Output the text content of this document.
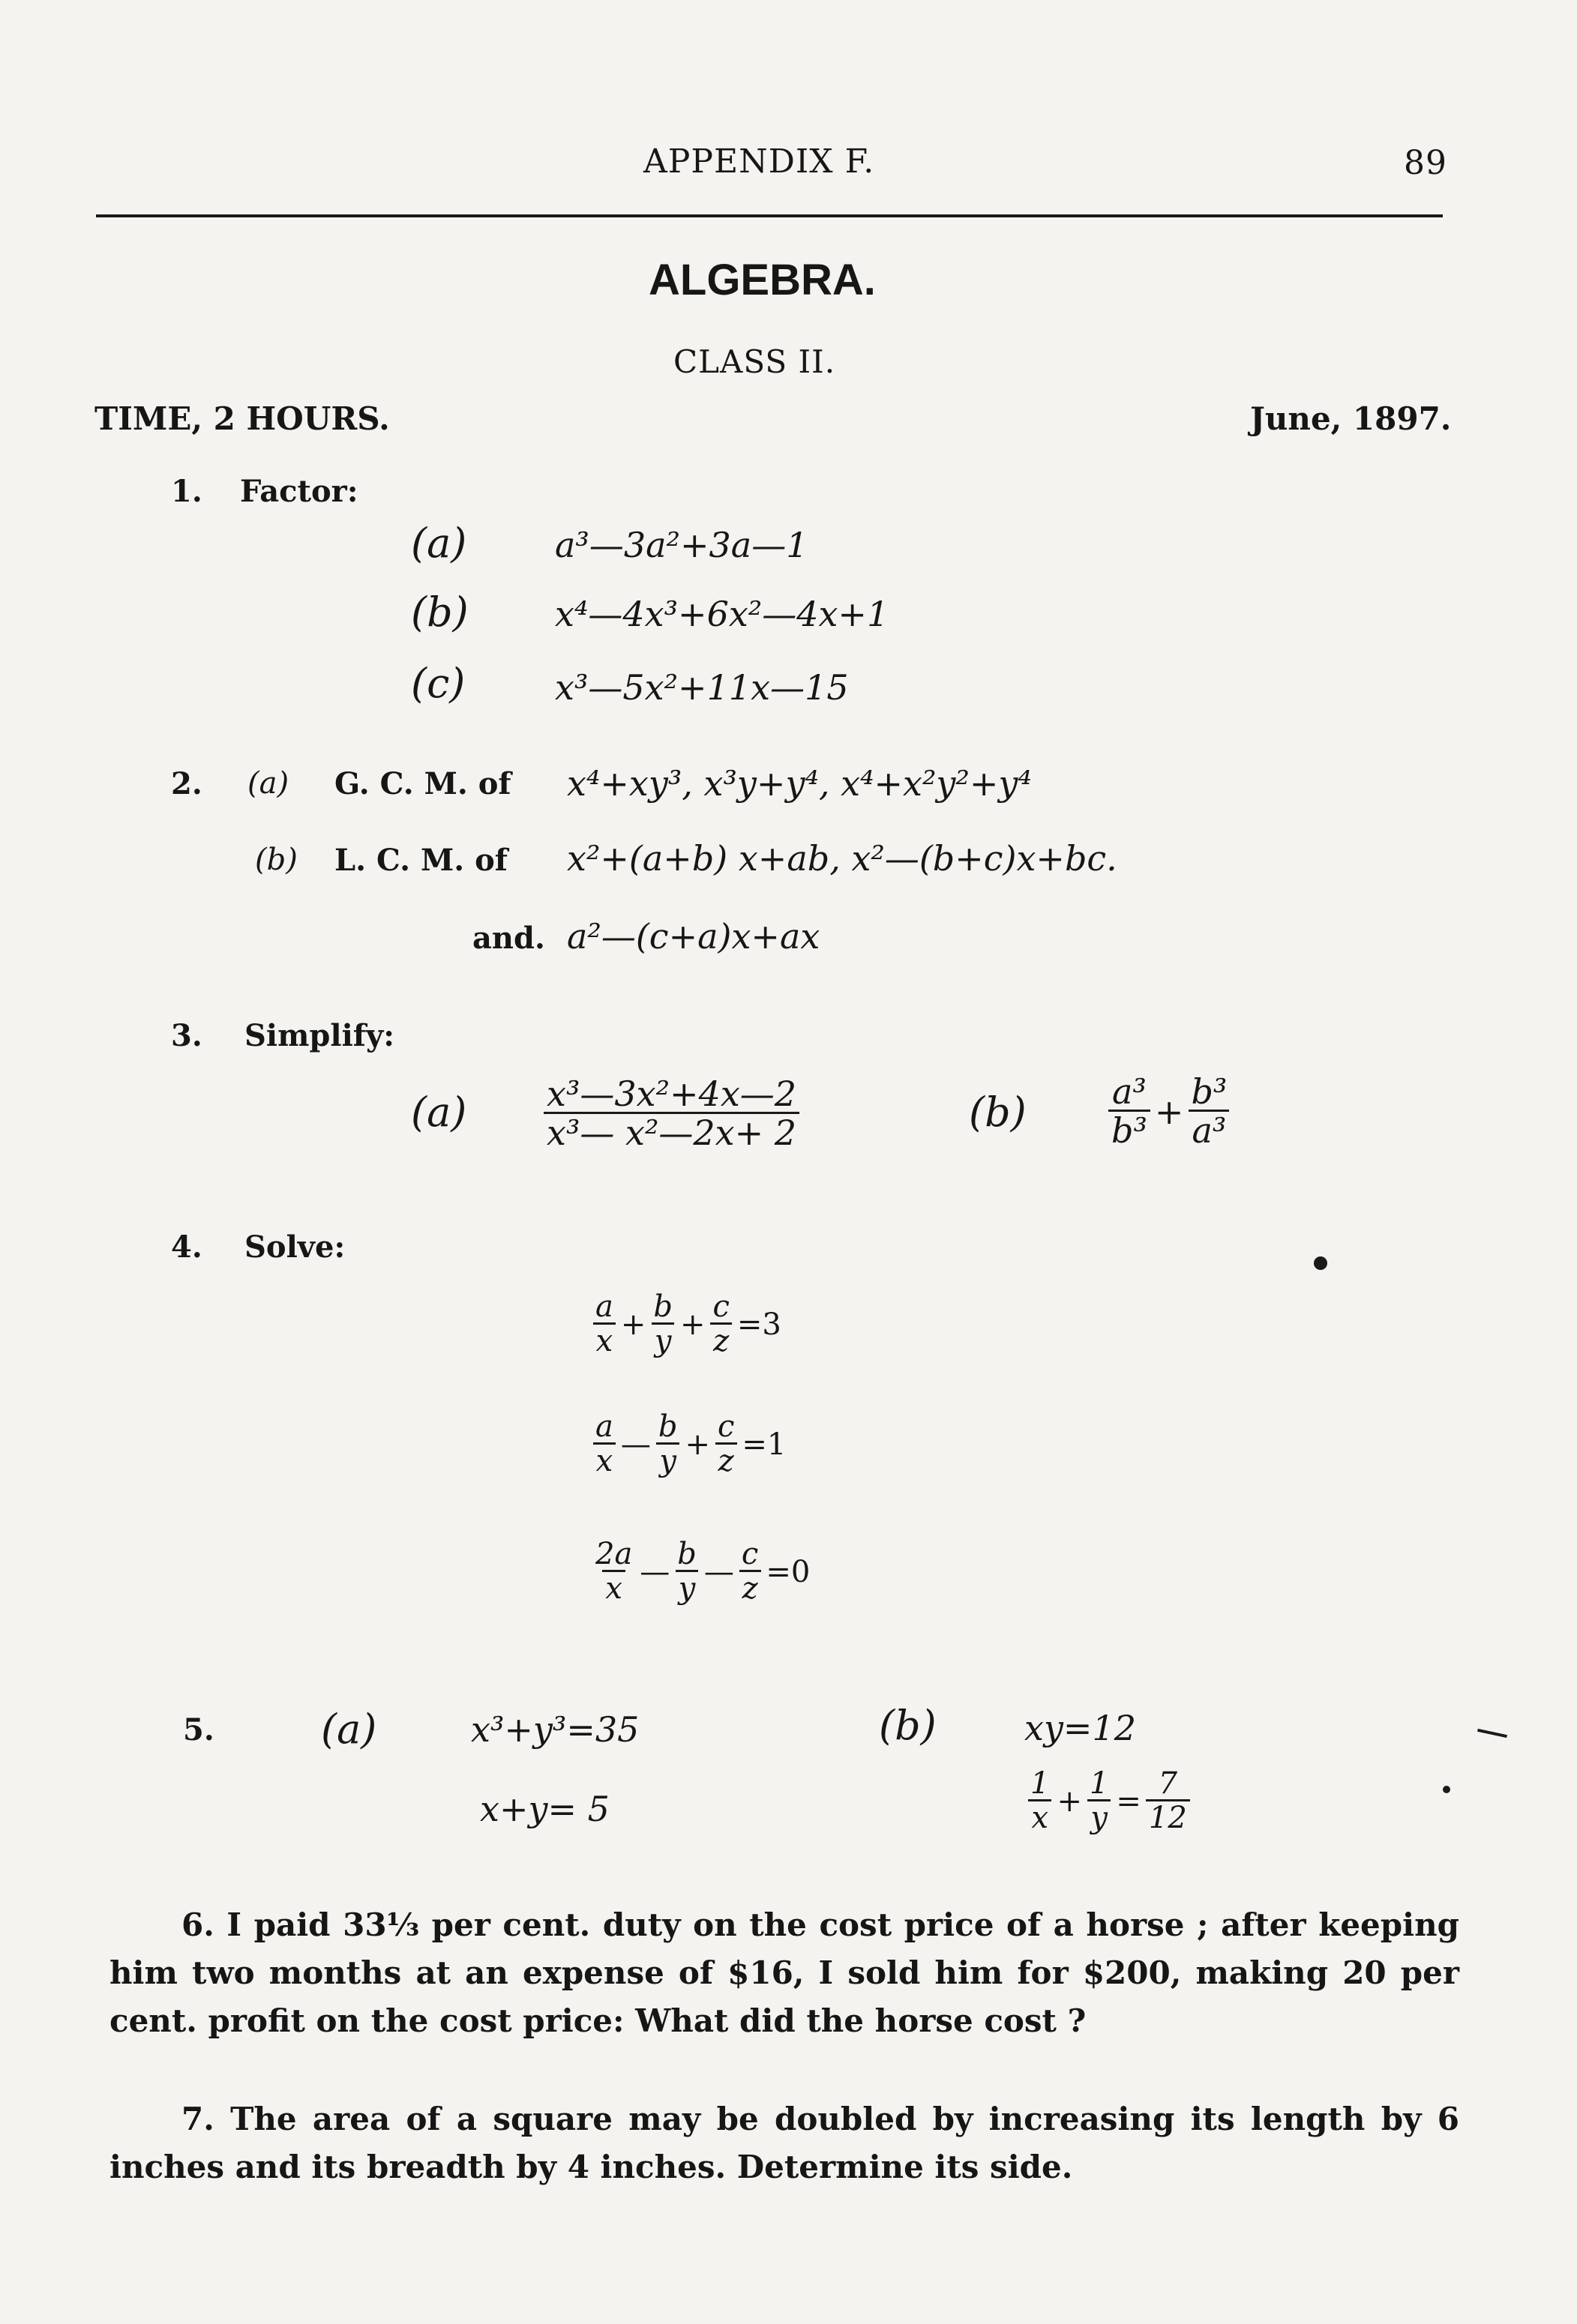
APPENDIX F.	89
ALGEBRA.
CLASS II.
TIME, 2 HOURS.	June, 1897.
1. Factor:
(a)	a³—3a²+3a—1
(b)	x⁴—4x³+6x²—4x+1
(c)	x³—5x²+11x—15
2. (a) G. C. M. of x⁴+xy³, x³y+y⁴, x⁴+x²y²+y⁴
(b) L. C. M. of x²+(a+b) x+ab, x²—(b+c)x+bc.
and. a²—(c+a)x+ax
3. Simplify:
$(a) \frac{\text{x³—3x²+4x—2}}{\text{x³— x²—2x+ 2}}$	$(b) \frac{\text{a³}}{\text{b³}} + \frac{\text{b³}}{\text{a³}}$
4. Solve:
$\frac{a}{x} + \frac{b}{y} + \frac{c}{z} =3$
$\frac{a}{x}$ — $\frac{b}{y} + \frac{c}{z} =1$
$\frac{2a}{x}$ — $\frac{b}{y}$ — $\frac{c}{z} =0$
5.	(a)	x³+y³=35
x+y= 5
(b)	xy=12
$\frac{1}{x} + \frac{1}{y} = \frac{7}{12}$
6. I paid 33⅓ per cent. duty on the cost price of a horse ; after keeping him two months at an expense of $16, I sold him for $200, making 20 per cent. profit on the cost price: What did the horse cost ?
7. The area of a square may be doubled by increasing its length by 6 inches and its breadth by 4 inches. Determine its side.
